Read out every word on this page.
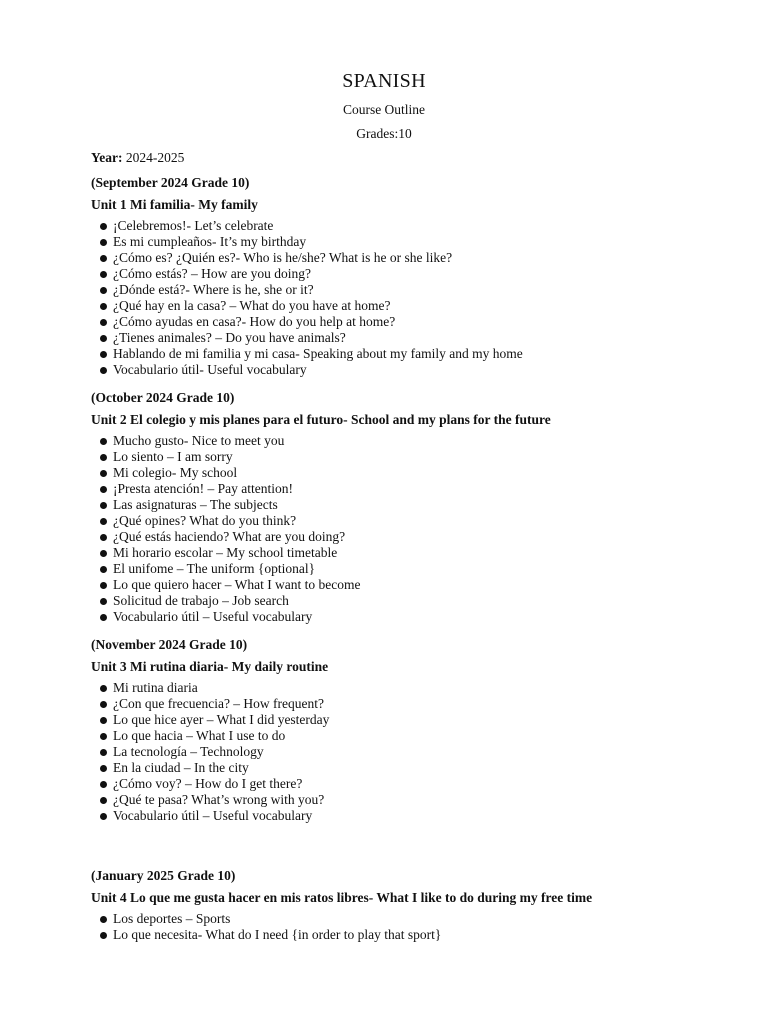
SPANISH
Course Outline
Grades:10
Year: 2024-2025
(September 2024 Grade 10)
Unit 1 Mi familia- My family
¡Celebremos!- Let’s celebrate
Es mi cumpleaños- It’s my birthday
¿Cómo es? ¿Quién es?- Who is he/she? What is he or she like?
¿Cómo estás? – How are you doing?
¿Dónde está?- Where is he, she or it?
¿Qué hay en la casa? – What do you have at home?
¿Cómo ayudas en casa?- How do you help at home?
¿Tienes animales? – Do you have animals?
Hablando de mi familia y mi casa- Speaking about my family and my home
Vocabulario útil- Useful vocabulary
(October 2024 Grade 10)
Unit 2 El colegio y mis planes para el futuro- School and my plans for the future
Mucho gusto- Nice to meet you
Lo siento – I am sorry
Mi colegio- My school
¡Presta atención! – Pay attention!
Las asignaturas – The subjects
¿Qué opines? What do you think?
¿Qué estás haciendo? What are you doing?
Mi horario escolar – My school timetable
El unifome – The uniform {optional}
Lo que quiero hacer – What I want to become
Solicitud de trabajo – Job search
Vocabulario útil – Useful vocabulary
(November 2024 Grade 10)
Unit 3 Mi rutina diaria- My daily routine
Mi rutina diaria
¿Con que frecuencia? – How frequent?
Lo que hice ayer – What I did yesterday
Lo que hacia – What I use to do
La tecnología – Technology
En la ciudad – In the city
¿Cómo voy? – How do I get there?
¿Qué te pasa? What’s wrong with you?
Vocabulario útil – Useful vocabulary
(January 2025 Grade 10)
Unit 4 Lo que me gusta hacer en mis ratos libres- What I like to do during my free time
Los deportes – Sports
Lo que necesita- What do I need {in order to play that sport}
